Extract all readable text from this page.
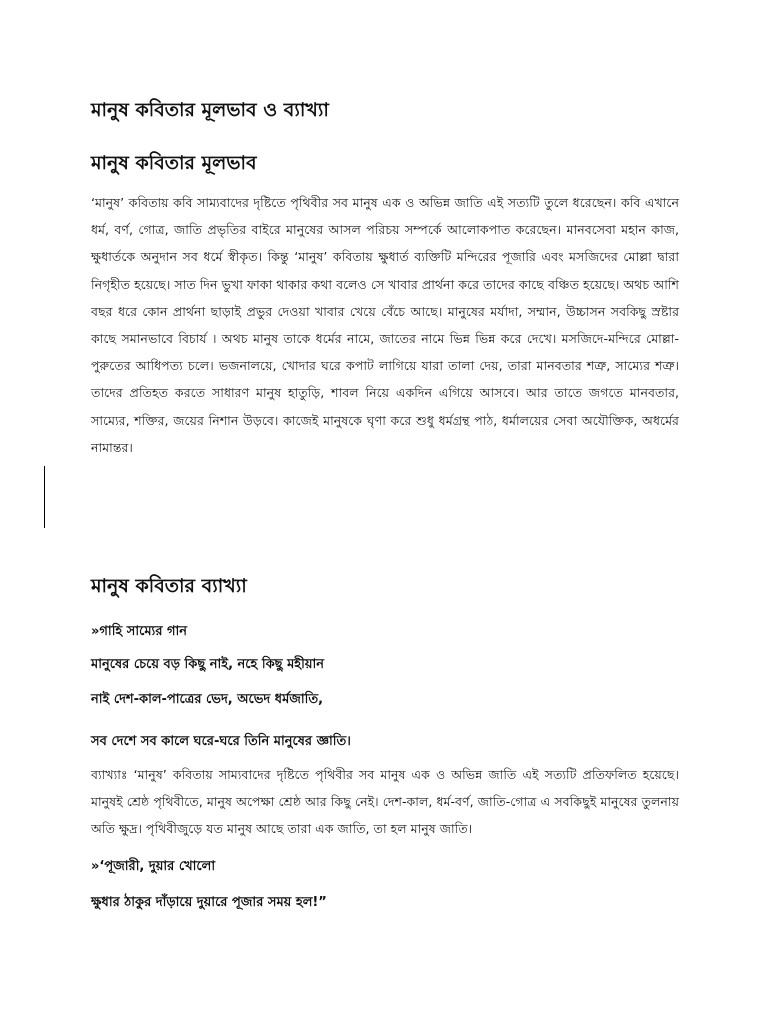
মানুষ কবিতার মূলভাব ও ব্যাখ্যা
মানুষ কবিতার মূলভাব

‘মানুষ’ কবিতায় কবি সাম্যবাদের দৃষ্টিতে পৃথিবীর সব মানুষ এক ও অভিন্ন জাতি এই সত্যটি তুলে ধরেছেন। কবি এখানে ধর্ম, বর্ণ, গোত্র, জাতি প্রভৃতির বাইরে মানুষের আসল পরিচয় সম্পর্কে আলোকপাত করেছেন। মানবসেবা মহান কাজ, ক্ষুধার্তকে অনুদান সব ধর্মে স্বীকৃত। কিন্তু ‘মানুষ’ কবিতায় ক্ষুধার্ত ব্যক্তিটি মন্দিরের পূজারি এবং মসজিদের মোল্লা দ্বারা নিগৃহীত হয়েছে। সাত দিন ভুখা ফাকা থাকার কথা বলেও সে খাবার প্রার্থনা করে তাদের কাছে বঞ্চিত হয়েছে। অথচ আশি বছর ধরে কোন প্রার্থনা ছাড়াই প্রভুর দেওয়া খাবার খেয়ে বেঁচে আছে। মানুষের মর্যাদা, সম্মান, উচ্চাসন সবকিছু স্রষ্টার কাছে সমানভাবে বিচার্য । অথচ মানুষ তাকে ধর্মের নামে, জাতের নামে ভিন্ন ভিন্ন করে দেখে। মসজিদে-মন্দিরে মোল্লা-পুরুতের আধিপত্য চলে। ভজনালয়ে, খোদার ঘরে কপাট লাগিয়ে যারা তালা দেয়, তারা মানবতার শত্রু, সাম্যের শত্রু। তাদের প্রতিহত করতে সাধারণ মানুষ হাতুড়ি, শাবল নিয়ে একদিন এগিয়ে আসবে। আর তাতে জগতে মানবতার, সাম্যের, শক্তির, জয়ের নিশান উড়বে। কাজেই মানুষকে ঘৃণা করে শুধু ধর্মগ্রন্থ পাঠ, ধর্মালয়ের সেবা অযৌক্তিক, অধর্মের নামান্তর।

মানুষ কবিতার ব্যাখ্যা

»গাহি সাম্যের গান

মানুষের চেয়ে বড় কিছু নাই, নহে কিছু মহীয়ান

নাই দেশ-কাল-পাত্রের ভেদ, অভেদ ধর্মজাতি,

সব দেশে সব কালে ঘরে-ঘরে তিনি মানুষের জ্ঞাতি।

ব্যাখ্যাঃ ‘মানুষ’ কবিতায় সাম্যবাদের দৃষ্টিতে পৃথিবীর সব মানুষ এক ও অভিন্ন জাতি এই সত্যটি প্রতিফলিত হয়েছে। মানুষই শ্রেষ্ঠ পৃথিবীতে, মানুষ অপেক্ষা শ্রেষ্ঠ আর কিছু নেই। দেশ-কাল, ধর্ম-বর্ণ, জাতি-গোত্র এ সবকিছুই মানুষের তুলনায় অতি ক্ষুদ্র। পৃথিবীজুড়ে যত মানুষ আছে তারা এক জাতি, তা হল মানুষ জাতি।

»‘পূজারী, দুয়ার খোলো

ক্ষুধার ঠাকুর দাঁড়ায়ে দুয়ারে পূজার সময় হল!”
